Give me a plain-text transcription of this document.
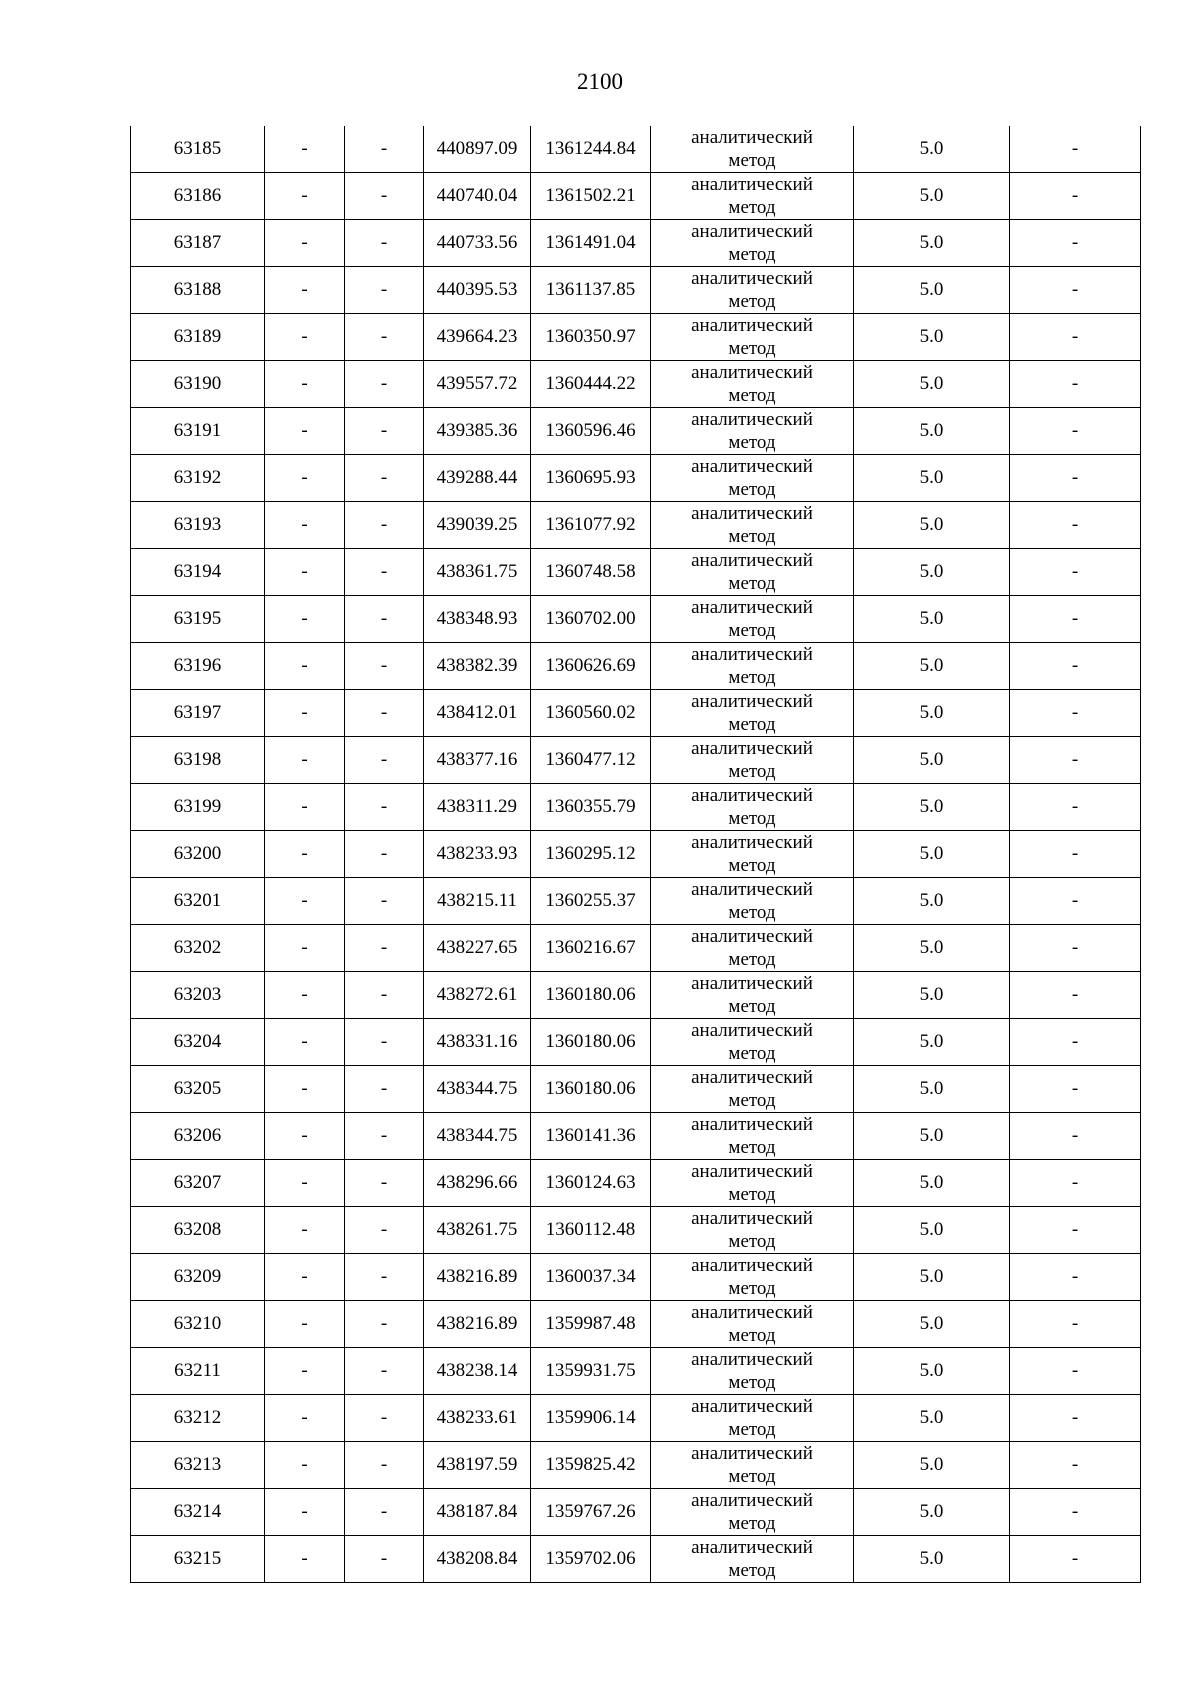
2100
63185	-	-	440897.09	1361244.84	аналитический
метод	5.0	-
63186	-	-	440740.04	1361502.21	аналитический
метод	5.0	-
63187	-	-	440733.56	1361491.04	аналитический
метод	5.0	-
63188	-	-	440395.53	1361137.85	аналитический
метод	5.0	-
63189	-	-	439664.23	1360350.97	аналитический
метод	5.0	-
63190	-	-	439557.72	1360444.22	аналитический
метод	5.0	-
63191	-	-	439385.36	1360596.46	аналитический
метод	5.0	-
63192	-	-	439288.44	1360695.93	аналитический
метод	5.0	-
63193	-	-	439039.25	1361077.92	аналитический
метод	5.0	-
63194	-	-	438361.75	1360748.58	аналитический
метод	5.0	-
63195	-	-	438348.93	1360702.00	аналитический
метод	5.0	-
63196	-	-	438382.39	1360626.69	аналитический
метод	5.0	-
63197	-	-	438412.01	1360560.02	аналитический
метод	5.0	-
63198	-	-	438377.16	1360477.12	аналитический
метод	5.0	-
63199	-	-	438311.29	1360355.79	аналитический
метод	5.0	-
63200	-	-	438233.93	1360295.12	аналитический
метод	5.0	-
63201	-	-	438215.11	1360255.37	аналитический
метод	5.0	-
63202	-	-	438227.65	1360216.67	аналитический
метод	5.0	-
63203	-	-	438272.61	1360180.06	аналитический
метод	5.0	-
63204	-	-	438331.16	1360180.06	аналитический
метод	5.0	-
63205	-	-	438344.75	1360180.06	аналитический
метод	5.0	-
63206	-	-	438344.75	1360141.36	аналитический
метод	5.0	-
63207	-	-	438296.66	1360124.63	аналитический
метод	5.0	-
63208	-	-	438261.75	1360112.48	аналитический
метод	5.0	-
63209	-	-	438216.89	1360037.34	аналитический
метод	5.0	-
63210	-	-	438216.89	1359987.48	аналитический
метод	5.0	-
63211	-	-	438238.14	1359931.75	аналитический
метод	5.0	-
63212	-	-	438233.61	1359906.14	аналитический
метод	5.0	-
63213	-	-	438197.59	1359825.42	аналитический
метод	5.0	-
63214	-	-	438187.84	1359767.26	аналитический
метод	5.0	-
63215	-	-	438208.84	1359702.06	аналитический
метод	5.0	-
